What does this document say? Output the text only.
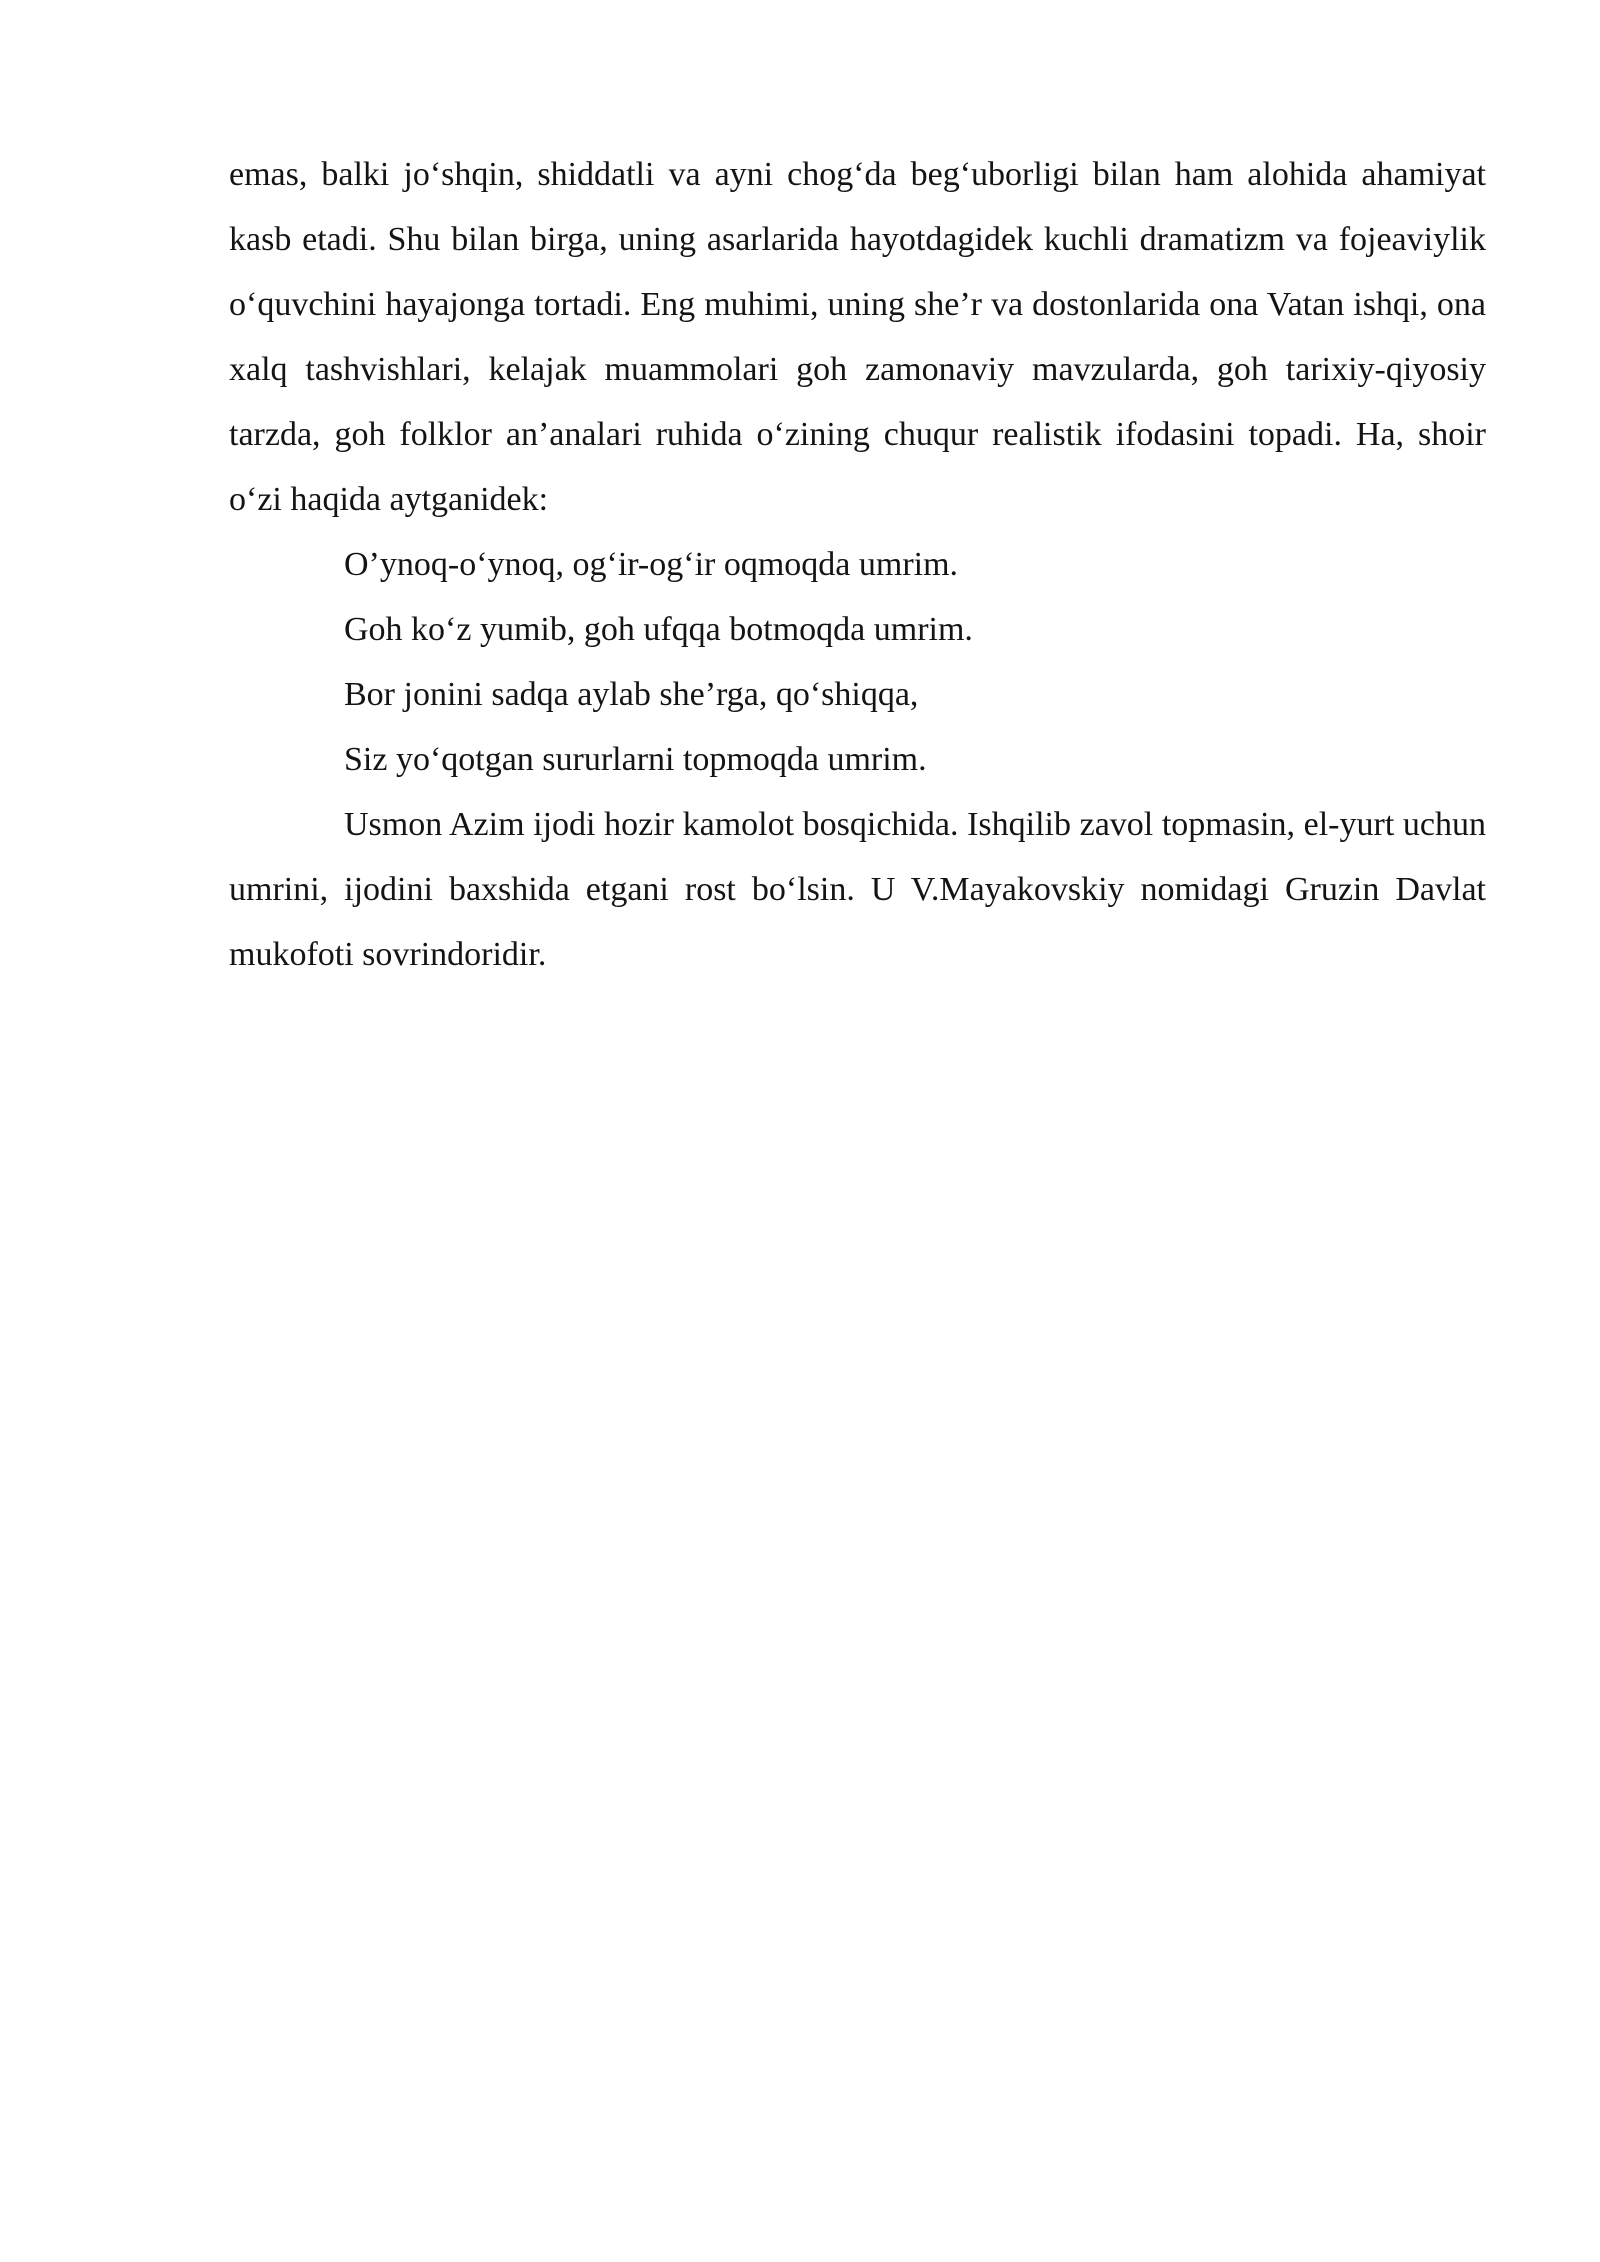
emas, balki jo‘shqin, shiddatli va ayni chog‘da beg‘uborligi bilan ham alohida ahamiyat kasb etadi. Shu bilan birga, uning asarlarida hayotdagidek kuchli dramatizm va fojeaviylik o‘quvchini hayajonga tortadi. Eng muhimi, uning she’r va dostonlarida ona Vatan ishqi, ona xalq tashvishlari, kelajak muammolari goh zamonaviy mavzularda, goh tarixiy-qiyosiy tarzda, goh folklor an’analari ruhida o‘zining chuqur realistik ifodasini topadi. Ha, shoir o‘zi haqida aytganidek:

O’ynoq-o‘ynoq, og‘ir-og‘ir oqmoqda umrim.

Goh ko‘z yumib, goh ufqqa botmoqda umrim.

Bor jonini sadqa aylab she’rga, qo‘shiqqa,

Siz yo‘qotgan sururlarni topmoqda umrim.

Usmon Azim ijodi hozir kamolot bosqichida. Ishqilib zavol topmasin, el-yurt uchun umrini, ijodini baxshida etgani rost bo‘lsin. U V.Mayakovskiy nomidagi Gruzin Davlat mukofoti sovrindoridir.
